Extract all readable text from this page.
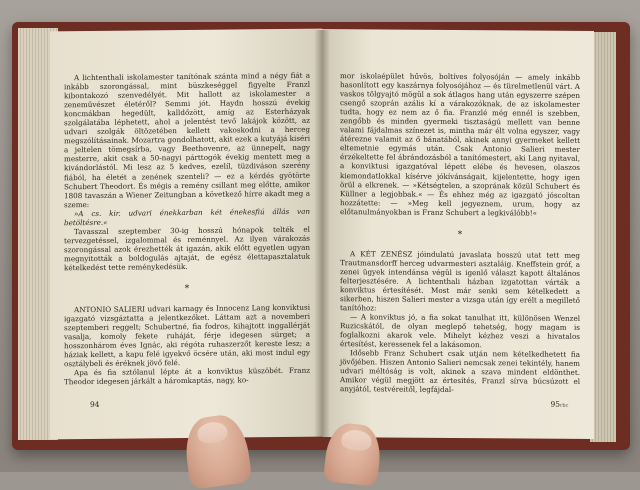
A lichtenthali iskolamester tanítónak szánta mind a négy fiát a inkább szorongással, mint büszkeséggel figyelte Franzl kibontakozó szenvedélyét. Mit hallott az iskolamester a zeneművészet életéről? Semmi jót. Haydn hosszú évekig koncmákban hegedült, kalldőzött, amíg az Esterházyak szolgálatába léphetett, ahol a jelentést tevő lakájok között, az udvari szolgák öltözetében kellett vakoskodni a herceg megszólításainak. Mozartra gondolhatott, akit ezek a kutyájá kiséri a jeltelen tömegsírba, vagy Beethovenre, az ünnepelt, nagy mesterre, akit csak a 50-nagyi párttogók évekig mentett meg a kivándorlástól. Mi lesz az 5 kedves, ezelíl, tüzdiváson szerény fiából, ha életét a zenének szenteli? — ez a kérdés gyötörte Schubert Theodort. És mégis a remény csillant meg előtte, amikor 1808 tavaszán a Wiener Zeitungban a következő hírre akadt meg a szeme:

»A cs. kir. udvari énekkarban két énekesfiú állás van betöltésre.«

Tavasszal szeptember 30-ig hosszú hónapok telték el tervezgetéssel, izgalommal és reménnyel. Az ilyen várakozás szorongással azok érezhették át igazán, akik előtt egyetlen ugyan megnyitották a boldogulás ajtaját, de egész élettapasztalatuk kételkedést tette reménykedésük.

*

ANTONIO SALIERI udvari karnagy és Innocenz Lang konviktusi igazgató vizsgáztatta a jelentkezőket. Láttam azt a novemberi szeptemberi reggelt; Schubertné, fia fodros, kihajtott inggallérját vasalja, komoly fekete ruháját, férje idegesen sürget; a hosszonhárom éves Ignác, aki régóta ruhaszerzőt kereste lesz; a háziak kellett, a kapu felé igyekvő öcsére után, aki most indul egy osztálybeli és éréknek jövő felé.

Apa és fia sztólanul lépte át a konviktus küszöbét. Franz Theodor idegesen járkált a háromkaptás, nagy, ko-

94

mor iskolaépület hűvös, boltíves folyosóján — amely inkább hasonlított egy kaszárnya folyosójához — és türelmetlenül várt. A vaskos tölgyajtó mögül a sok átlagos hang után egyszerre szépen csengő szoprán azális kí a várakozóknak, de az iskolamester tudta, hogy ez nem az ő fia. Franzlé még ennél is szebben, zengőbb és minden gyermeki tisztaságú mellett van benne valami fájdalmas színezet is, mintha már élt volna egyszer, vagy átérezne valamit az ő bánatából, akinek annyi gyermeket kellett eltemetnie egymás után. Csak Antonio Salieri mester érzékeltette fel ábrándozásból a tanítómestert, aki Lang nyitaval, a konviktusi igazgatóval lépett elébe és hevesen, olaszos kiemondatlokkal kísérve jókívánságait, kijelentette, hogy igen örül a elkrenek. — »Kétségtelen, a szoprának közül Schubert és Küllner a legjobbak.« — És ehhez még az igazgató jóscoltan hozzátette: — »Meg kell jegyeznem, urum, hogy az előtanulmányokban is Franz Schubert a legkiválóbb!«

*

A KÉT ZENÉSZ jóindulatú javaslata hosszú utat tett meg Trautmansdorff herceg udvarmesteri asztaláig. Kneffstein gróf, a zenei ügyek intendánsa végül is igenlő választ kapott általános felterjesztésére. A lichtenthali házban izgatottan várták a konviktus értesítését. Most már senki sem kételkedett a sikerben, hiszen Salieri mester a vizsga után így erélt a megillető tanítóhoz:

— A konviktus jó, a fia sokat tanulhat itt, különösen Wenzel Ruzicskától, de olyan meglepő tehetség, hogy magam is foglalkozni akarok vele. Mihelyt kézhez veszi a hivatalos értesítést, keressenek fel a lakásomon.

Idősebb Franz Schubert csak utján nem kételkedhetett fia jövőjében. Hiszen Antonio Salieri nemcsak zenei tekintély, hanem udvari méltóság is volt, akinek a szava mindent eldönthet. Amikor végül megjött az értesítés, Franzl sírva búcsúzott el anyjától, testvéreitől, legfájdal-

95 rbc
